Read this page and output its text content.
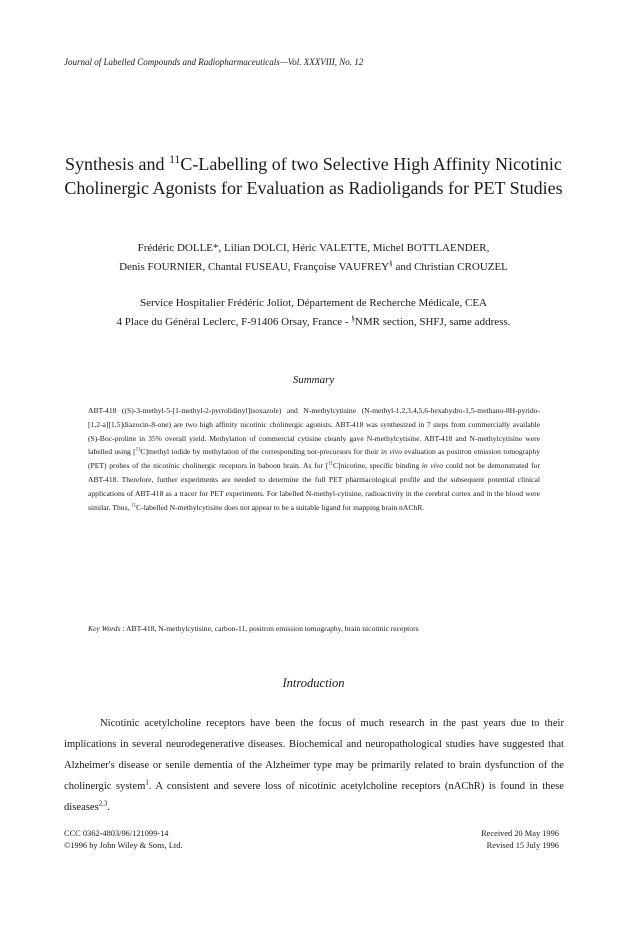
Journal of Labelled Compounds and Radiopharmaceuticals—Vol. XXXVIII, No. 12
Synthesis and $^{11}$C-Labelling of two Selective High Affinity Nicotinic
Cholinergic Agonists for Evaluation as Radioligands for PET Studies
Frédéric DOLLE*, Lilian DOLCI, Héric VALETTE, Michel BOTTLAENDER,
Denis FOURNIER, Chantal FUSEAU, Françoise VAUFREY§ and Christian CROUZEL
Service Hospitalier Frédéric Joliot, Département de Recherche Médicale, CEA
4 Place du Général Leclerc, F-91406 Orsay, France - §NMR section, SHFJ, same address.
Summary

ABT-418 ((S)-3-methyl-5-[1-methyl-2-pyrrolidinyl]isoxazole) and N-methylcytisine (N-methyl-1,2,3,4,5,6-hexahydro-1,5-methano-8H-pyrido-[1,2-a][1,5]diazocin-8-one) are two high affinity nicotinic cholinergic agonists. ABT-418 was synthesized in 7 steps from commercially available (S)-Boc-proline in 35% overall yield. Methylation of commercial cytisine cleanly gave N-methylcytisine. ABT-418 and N-methylcytisine were labelled using [$^{11}$C]methyl iodide by methylation of the corresponding nor-precursors for their in vivo evaluation as positron emission tomography (PET) probes of the nicotinic cholinergic receptors in baboon brain. As for [$^{11}$C]nicotine, specific binding in vivo could not be demonstrated for ABT-418. Therefore, further experiments are needed to determine the full PET pharmacological profile and the subsequent potential clinical applications of ABT-418 as a tracer for PET experiments. For labelled N-methyl-cytisine, radioactivity in the cerebral cortex and in the blood were similar. Thus, $^{11}$C-labelled N-methylcytisine does not appear to be a suitable ligand for mapping brain nAChR.

Key Words : ABT-418, N-methylcytisine, carbon-11, positron emission tomography, brain nicotinic receptors
Introduction

Nicotinic acetylcholine receptors have been the focus of much research in the past years due to their implications in several neurodegenerative diseases. Biochemical and neuropathological studies have suggested that Alzheimer's disease or senile dementia of the Alzheimer type may be primarily related to brain dysfunction of the cholinergic system$^1$. A consistent and severe loss of nicotinic acetylcholine receptors (nAChR) is found in these diseases$^{2,3}$.

CCC 0362-4803/96/121099-14
©1996 by John Wiley & Sons, Ltd.
Received 20 May 1996
Revised 15 July 1996
